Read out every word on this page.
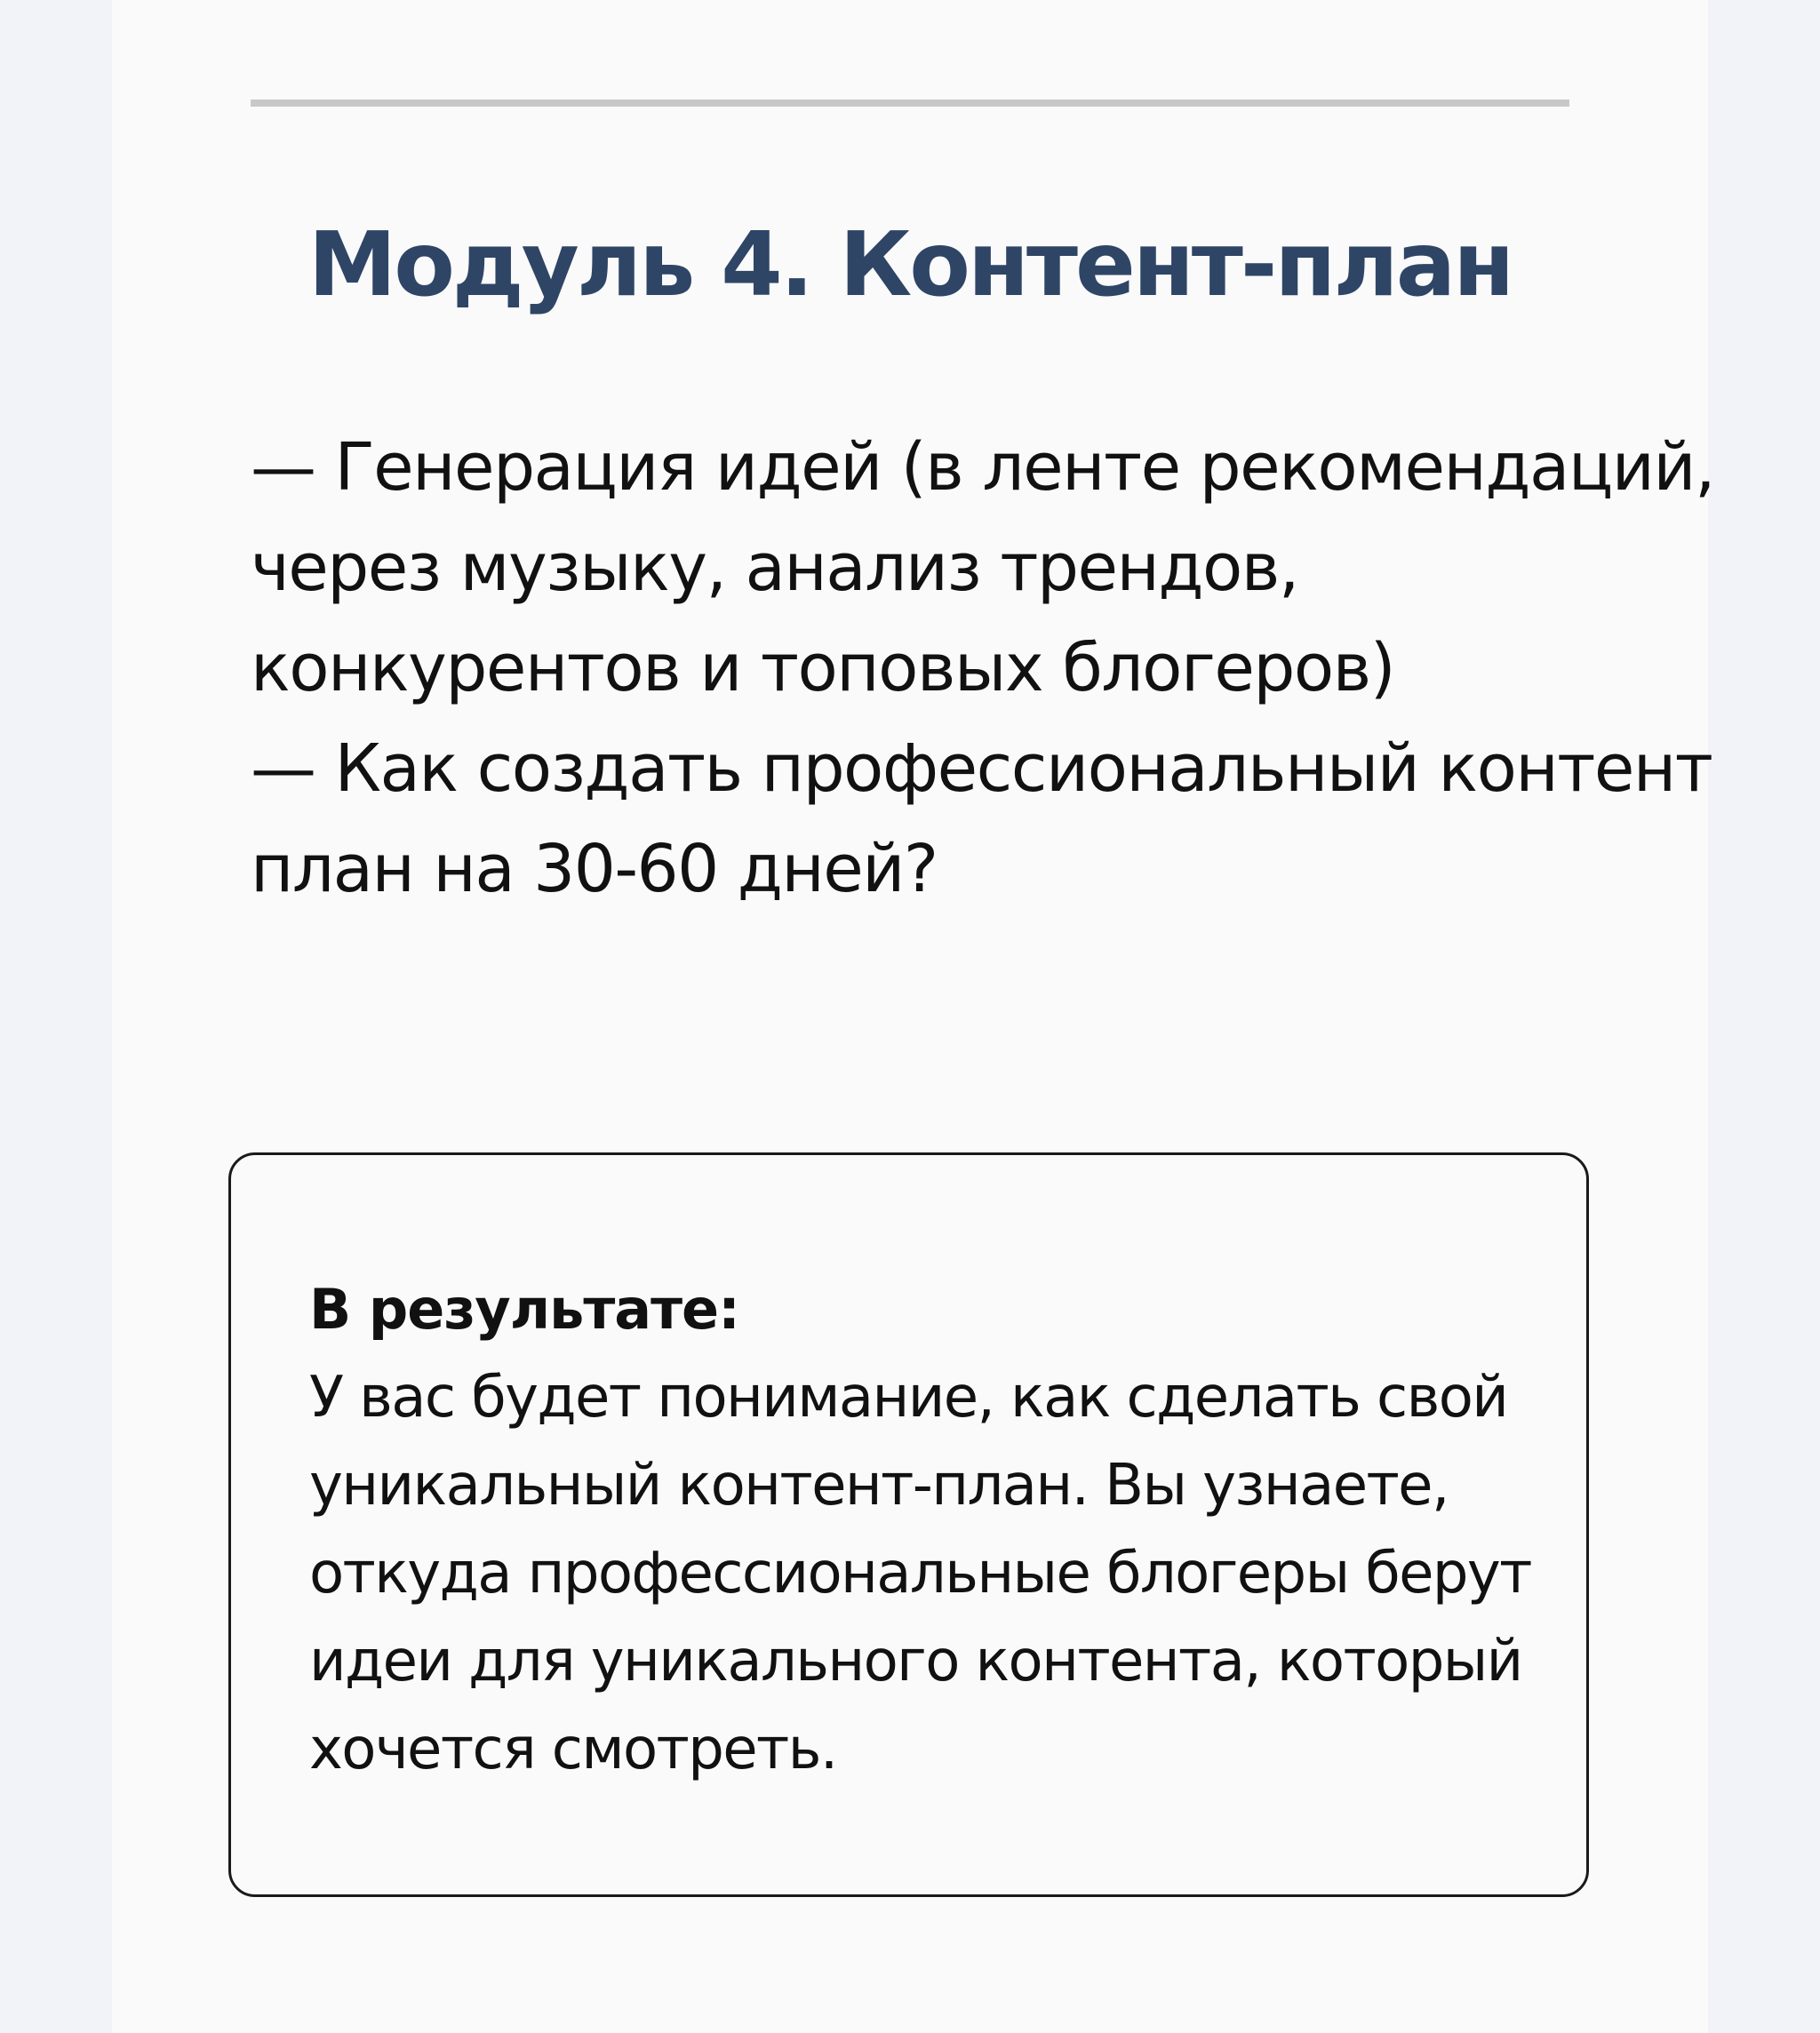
Модуль 4. Контент-план
— Генерация идей (в ленте рекомендаций, через музыку, анализ трендов, конкурентов и топовых блогеров)
— Как создать профессиональный контент план на 30-60 дней?

В результате:

У вас будет понимание, как сделать свой уникальный контент-план. Вы узнаете, откуда профессиональные блогеры берут идеи для уникального контента, который хочется смотреть.
